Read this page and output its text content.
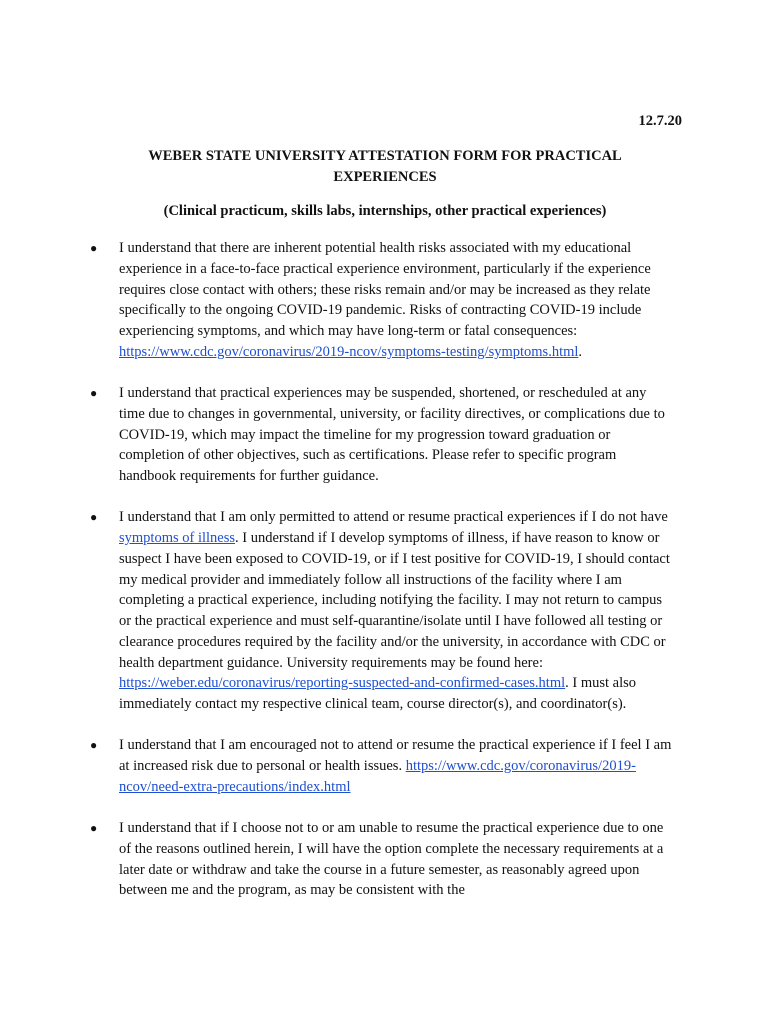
12.7.20
WEBER STATE UNIVERSITY ATTESTATION FORM FOR PRACTICAL
EXPERIENCES
(Clinical practicum, skills labs, internships, other practical experiences)
● I understand that there are inherent potential health risks associated with my educational experience in a face-to-face practical experience environment, particularly if the experience requires close contact with others; these risks remain and/or may be increased as they relate specifically to the ongoing COVID-19 pandemic. Risks of contracting COVID-19 include experiencing symptoms, and which may have long-term or fatal consequences: https://www.cdc.gov/coronavirus/2019-ncov/symptoms-testing/symptoms.html.

● I understand that practical experiences may be suspended, shortened, or rescheduled at any time due to changes in governmental, university, or facility directives, or complications due to COVID-19, which may impact the timeline for my progression toward graduation or completion of other objectives, such as certifications. Please refer to specific program handbook requirements for further guidance.

● I understand that I am only permitted to attend or resume practical experiences if I do not have symptoms of illness. I understand if I develop symptoms of illness, if have reason to know or suspect I have been exposed to COVID-19, or if I test positive for COVID-19, I should contact my medical provider and immediately follow all instructions of the facility where I am completing a practical experience, including notifying the facility. I may not return to campus or the practical experience and must self-quarantine/isolate until I have followed all testing or clearance procedures required by the facility and/or the university, in accordance with CDC or health department guidance. University requirements may be found here: https://weber.edu/coronavirus/reporting-suspected-and-confirmed-cases.html. I must also immediately contact my respective clinical team, course director(s), and coordinator(s).

● I understand that I am encouraged not to attend or resume the practical experience if I feel I am at increased risk due to personal or health issues. https://www.cdc.gov/coronavirus/2019-ncov/need-extra-precautions/index.html

● I understand that if I choose not to or am unable to resume the practical experience due to one of the reasons outlined herein, I will have the option complete the necessary requirements at a later date or withdraw and take the course in a future semester, as reasonably agreed upon between me and the program, as may be consistent with the
